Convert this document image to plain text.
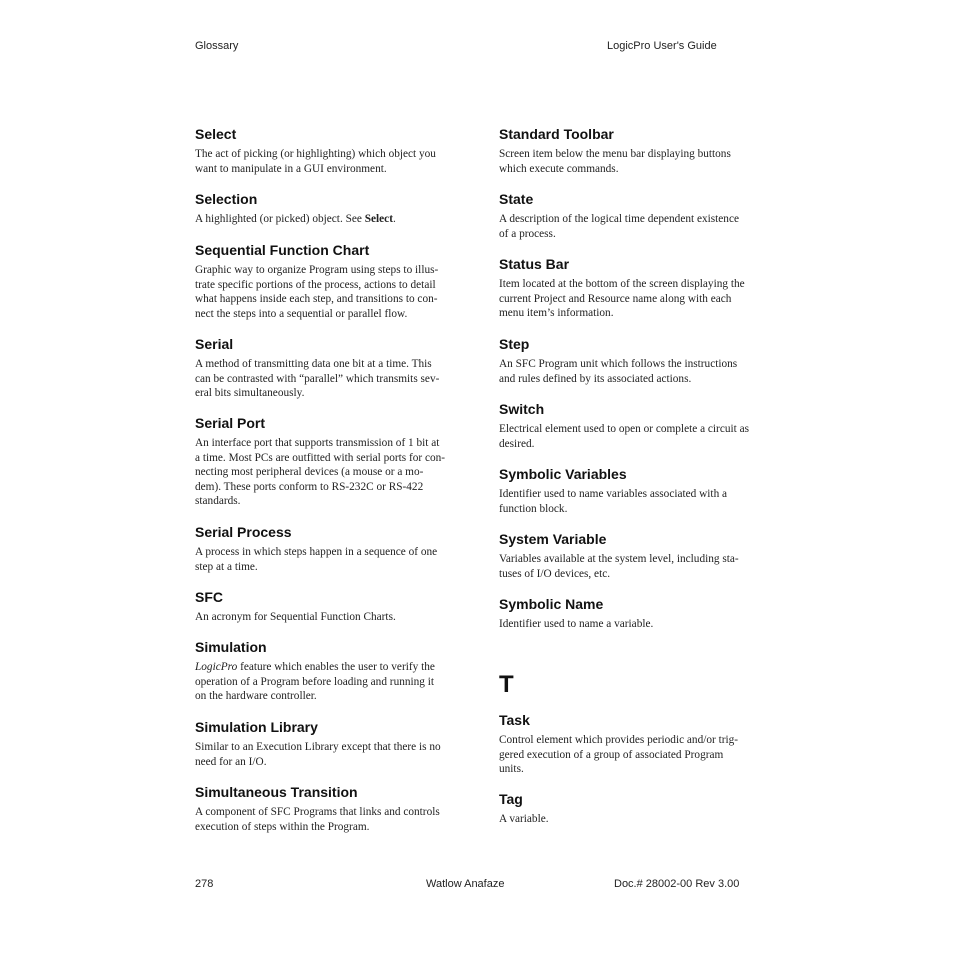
Glossary	LogicPro User's Guide
Select
The act of picking (or highlighting) which object you
want to manipulate in a GUI environment.
Selection
A highlighted (or picked) object. See Select.
Sequential Function Chart
Graphic way to organize Program using steps to illus-
trate specific portions of the process, actions to detail
what happens inside each step, and transitions to con-
nect the steps into a sequential or parallel flow.
Serial
A method of transmitting data one bit at a time. This
can be contrasted with “parallel” which transmits sev-
eral bits simultaneously.
Serial Port
An interface port that supports transmission of 1 bit at
a time. Most PCs are outfitted with serial ports for con-
necting most peripheral devices (a mouse or a mo-
dem). These ports conform to RS-232C or RS-422
standards.
Serial Process
A process in which steps happen in a sequence of one
step at a time.
SFC
An acronym for Sequential Function Charts.
Simulation
LogicPro feature which enables the user to verify the
operation of a Program before loading and running it
on the hardware controller.
Simulation Library
Similar to an Execution Library except that there is no
need for an I/O.
Simultaneous Transition
A component of SFC Programs that links and controls
execution of steps within the Program.
Standard Toolbar
Screen item below the menu bar displaying buttons
which execute commands.
State
A description of the logical time dependent existence
of a process.
Status Bar
Item located at the bottom of the screen displaying the
current Project and Resource name along with each
menu item’s information.
Step
An SFC Program unit which follows the instructions
and rules defined by its associated actions.
Switch
Electrical element used to open or complete a circuit as
desired.
Symbolic Variables
Identifier used to name variables associated with a
function block.
System Variable
Variables available at the system level, including sta-
tuses of I/O devices, etc.
Symbolic Name
Identifier used to name a variable.
T
Task
Control element which provides periodic and/or trig-
gered execution of a group of associated Program
units.
Tag
A variable.
278	Watlow Anafaze	Doc.# 28002-00 Rev 3.00
